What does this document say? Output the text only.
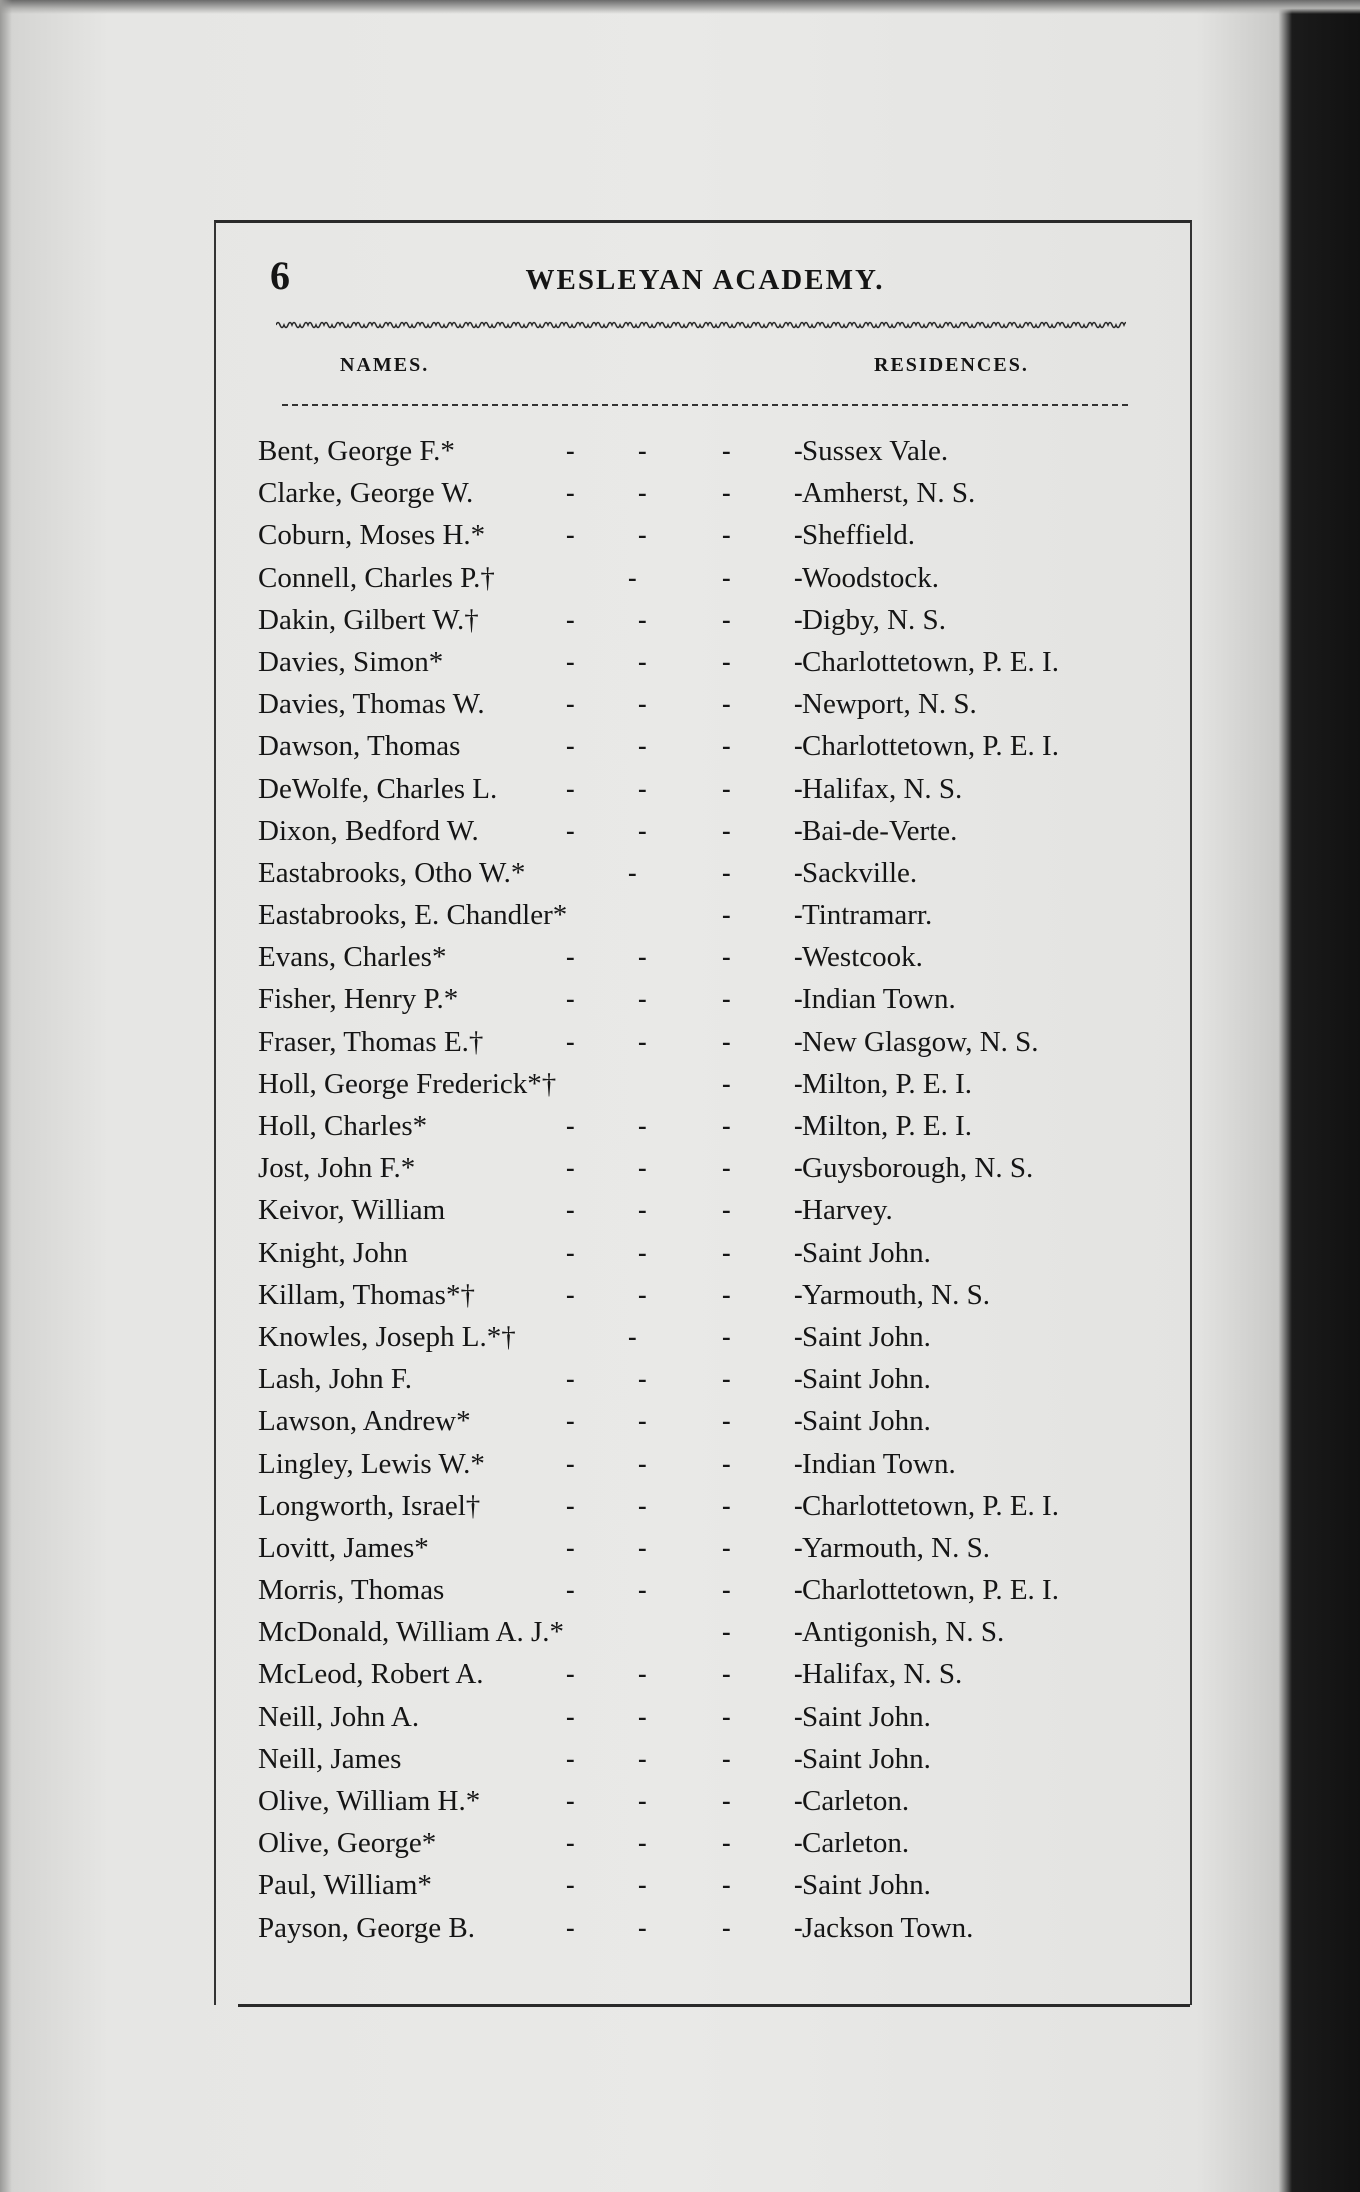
6	WESLEYAN ACADEMY.
NAMES.	RESIDENCES.
Bent, George F.*	- -	- - Sussex Vale.
Clarke, George W.	- -	- - Amherst, N. S.
Coburn, Moses H.*	- -	- - Sheffield.
Connell, Charles P.†	-	- - Woodstock.
Dakin, Gilbert W.†	- -	- - Digby, N. S.
Davies, Simon*	- -	- - Charlottetown, P. E. I.
Davies, Thomas W.	- -	- - Newport, N. S.
Dawson, Thomas	- -	- - Charlottetown, P. E. I.
DeWolfe, Charles L.	- -	- - Halifax, N. S.
Dixon, Bedford W.	- -	- - Bai-de-Verte.
Eastabrooks, Otho W.*	-	- - Sackville.
Eastabrooks, E. Chandler*	- - Tintramarr.
Evans, Charles*	- -	- - Westcook.
Fisher, Henry P.*	- -	- - Indian Town.
Fraser, Thomas E.†	- -	- - New Glasgow, N. S.
Holl, George Frederick*†	- - Milton, P. E. I.
Holl, Charles*	- -	- - Milton, P. E. I.
Jost, John F.*	- -	- - Guysborough, N. S.
Keivor, William	- -	- - Harvey.
Knight, John	- -	- - Saint John.
Killam, Thomas*†	- -	- - Yarmouth, N. S.
Knowles, Joseph L.*†	-	- - Saint John.
Lash, John F.	- -	- - Saint John.
Lawson, Andrew*	- -	- - Saint John.
Lingley, Lewis W.*	- -	- - Indian Town.
Longworth, Israel†	- -	- - Charlottetown, P. E. I.
Lovitt, James*	- -	- - Yarmouth, N. S.
Morris, Thomas	- -	- - Charlottetown, P. E. I.
McDonald, William A. J.*	- - Antigonish, N. S.
McLeod, Robert A.	- -	- - Halifax, N. S.
Neill, John A.	- -	- - Saint John.
Neill, James	- -	- - Saint John.
Olive, William H.*	- -	- - Carleton.
Olive, George*	- -	- - Carleton.
Paul, William*	- -	- - Saint John.
Payson, George B.	- -	- - Jackson Town.
